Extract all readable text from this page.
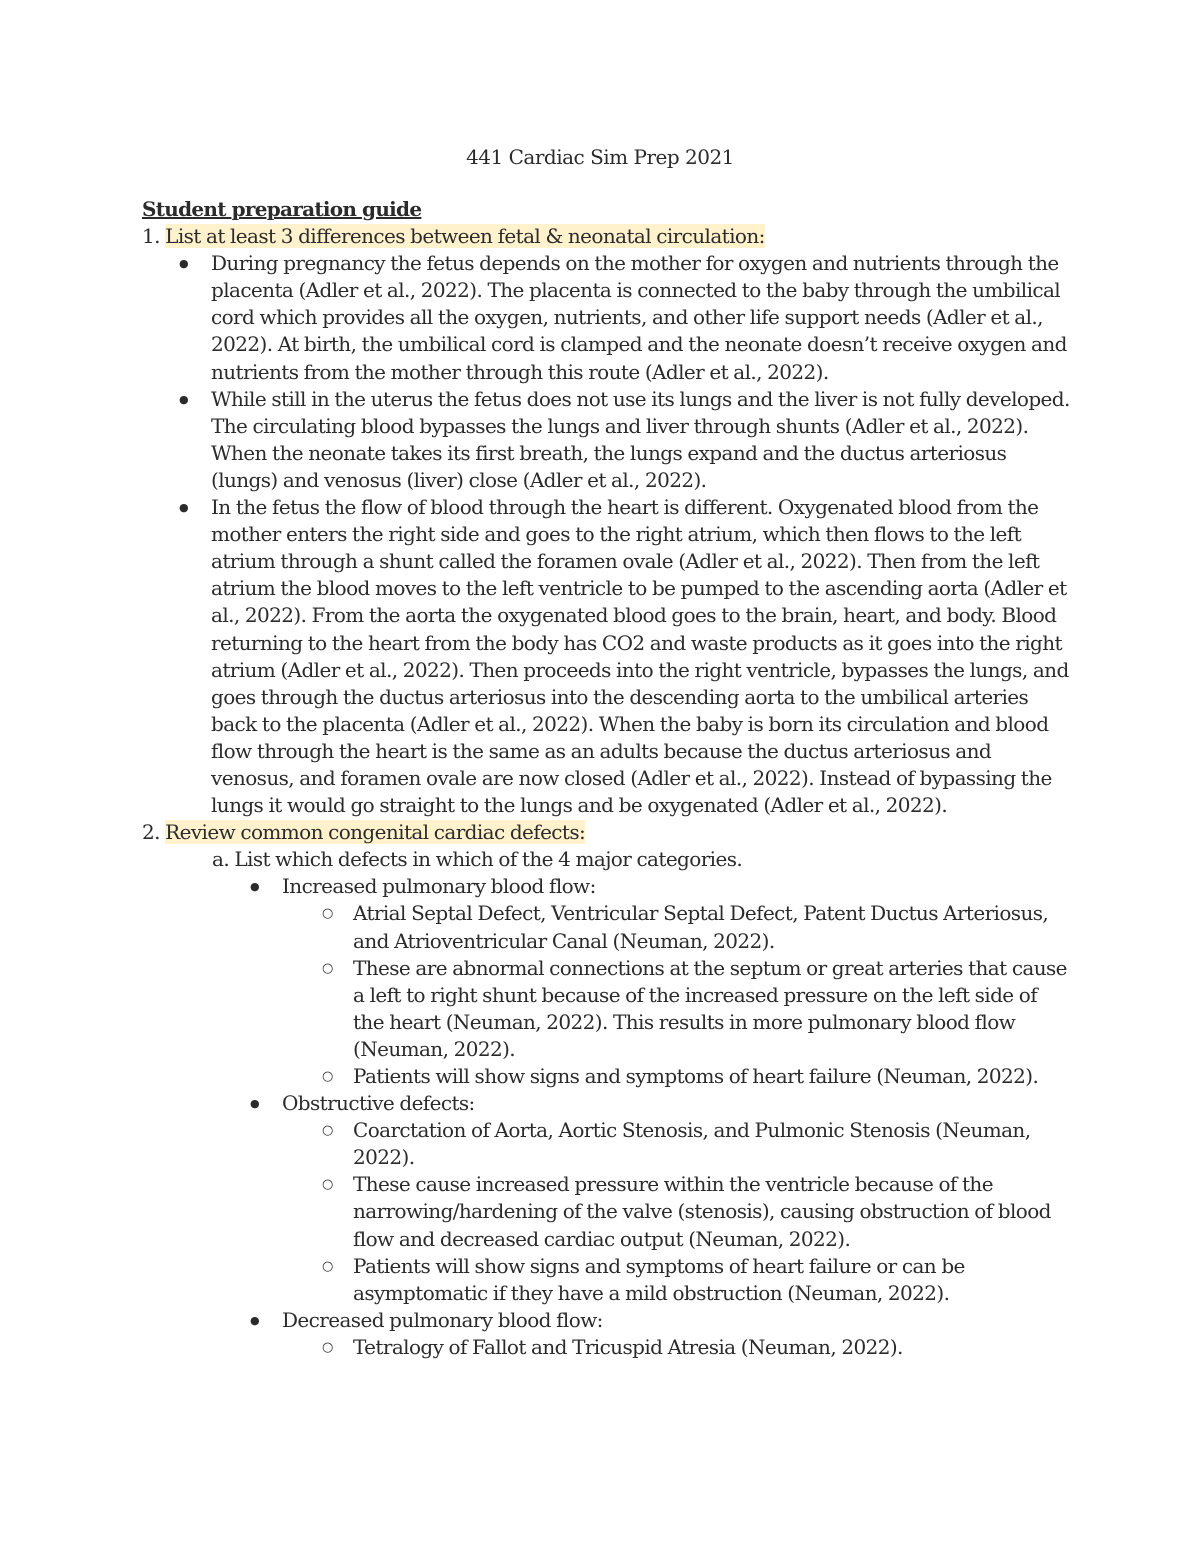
441 Cardiac Sim Prep 2021
Student preparation guide
1. List at least 3 differences between fetal & neonatal circulation:
● During pregnancy the fetus depends on the mother for oxygen and nutrients through the placenta (Adler et al., 2022). The placenta is connected to the baby through the umbilical cord which provides all the oxygen, nutrients, and other life support needs (Adler et al., 2022). At birth, the umbilical cord is clamped and the neonate doesn’t receive oxygen and nutrients from the mother through this route (Adler et al., 2022).
● While still in the uterus the fetus does not use its lungs and the liver is not fully developed. The circulating blood bypasses the lungs and liver through shunts (Adler et al., 2022). When the neonate takes its first breath, the lungs expand and the ductus arteriosus (lungs) and venosus (liver) close (Adler et al., 2022).
● In the fetus the flow of blood through the heart is different. Oxygenated blood from the mother enters the right side and goes to the right atrium, which then flows to the left atrium through a shunt called the foramen ovale (Adler et al., 2022). Then from the left atrium the blood moves to the left ventricle to be pumped to the ascending aorta (Adler et al., 2022). From the aorta the oxygenated blood goes to the brain, heart, and body. Blood returning to the heart from the body has CO2 and waste products as it goes into the right atrium (Adler et al., 2022). Then proceeds into the right ventricle, bypasses the lungs, and goes through the ductus arteriosus into the descending aorta to the umbilical arteries back to the placenta (Adler et al., 2022). When the baby is born its circulation and blood flow through the heart is the same as an adults because the ductus arteriosus and venosus, and foramen ovale are now closed (Adler et al., 2022). Instead of bypassing the lungs it would go straight to the lungs and be oxygenated (Adler et al., 2022).
2. Review common congenital cardiac defects:
a. List which defects in which of the 4 major categories.
● Increased pulmonary blood flow:
○ Atrial Septal Defect, Ventricular Septal Defect, Patent Ductus Arteriosus, and Atrioventricular Canal (Neuman, 2022).
○ These are abnormal connections at the septum or great arteries that cause a left to right shunt because of the increased pressure on the left side of the heart (Neuman, 2022). This results in more pulmonary blood flow (Neuman, 2022).
○ Patients will show signs and symptoms of heart failure (Neuman, 2022).
● Obstructive defects:
○ Coarctation of Aorta, Aortic Stenosis, and Pulmonic Stenosis (Neuman, 2022).
○ These cause increased pressure within the ventricle because of the narrowing/hardening of the valve (stenosis), causing obstruction of blood flow and decreased cardiac output (Neuman, 2022).
○ Patients will show signs and symptoms of heart failure or can be asymptomatic if they have a mild obstruction (Neuman, 2022).
● Decreased pulmonary blood flow:
○ Tetralogy of Fallot and Tricuspid Atresia (Neuman, 2022).
